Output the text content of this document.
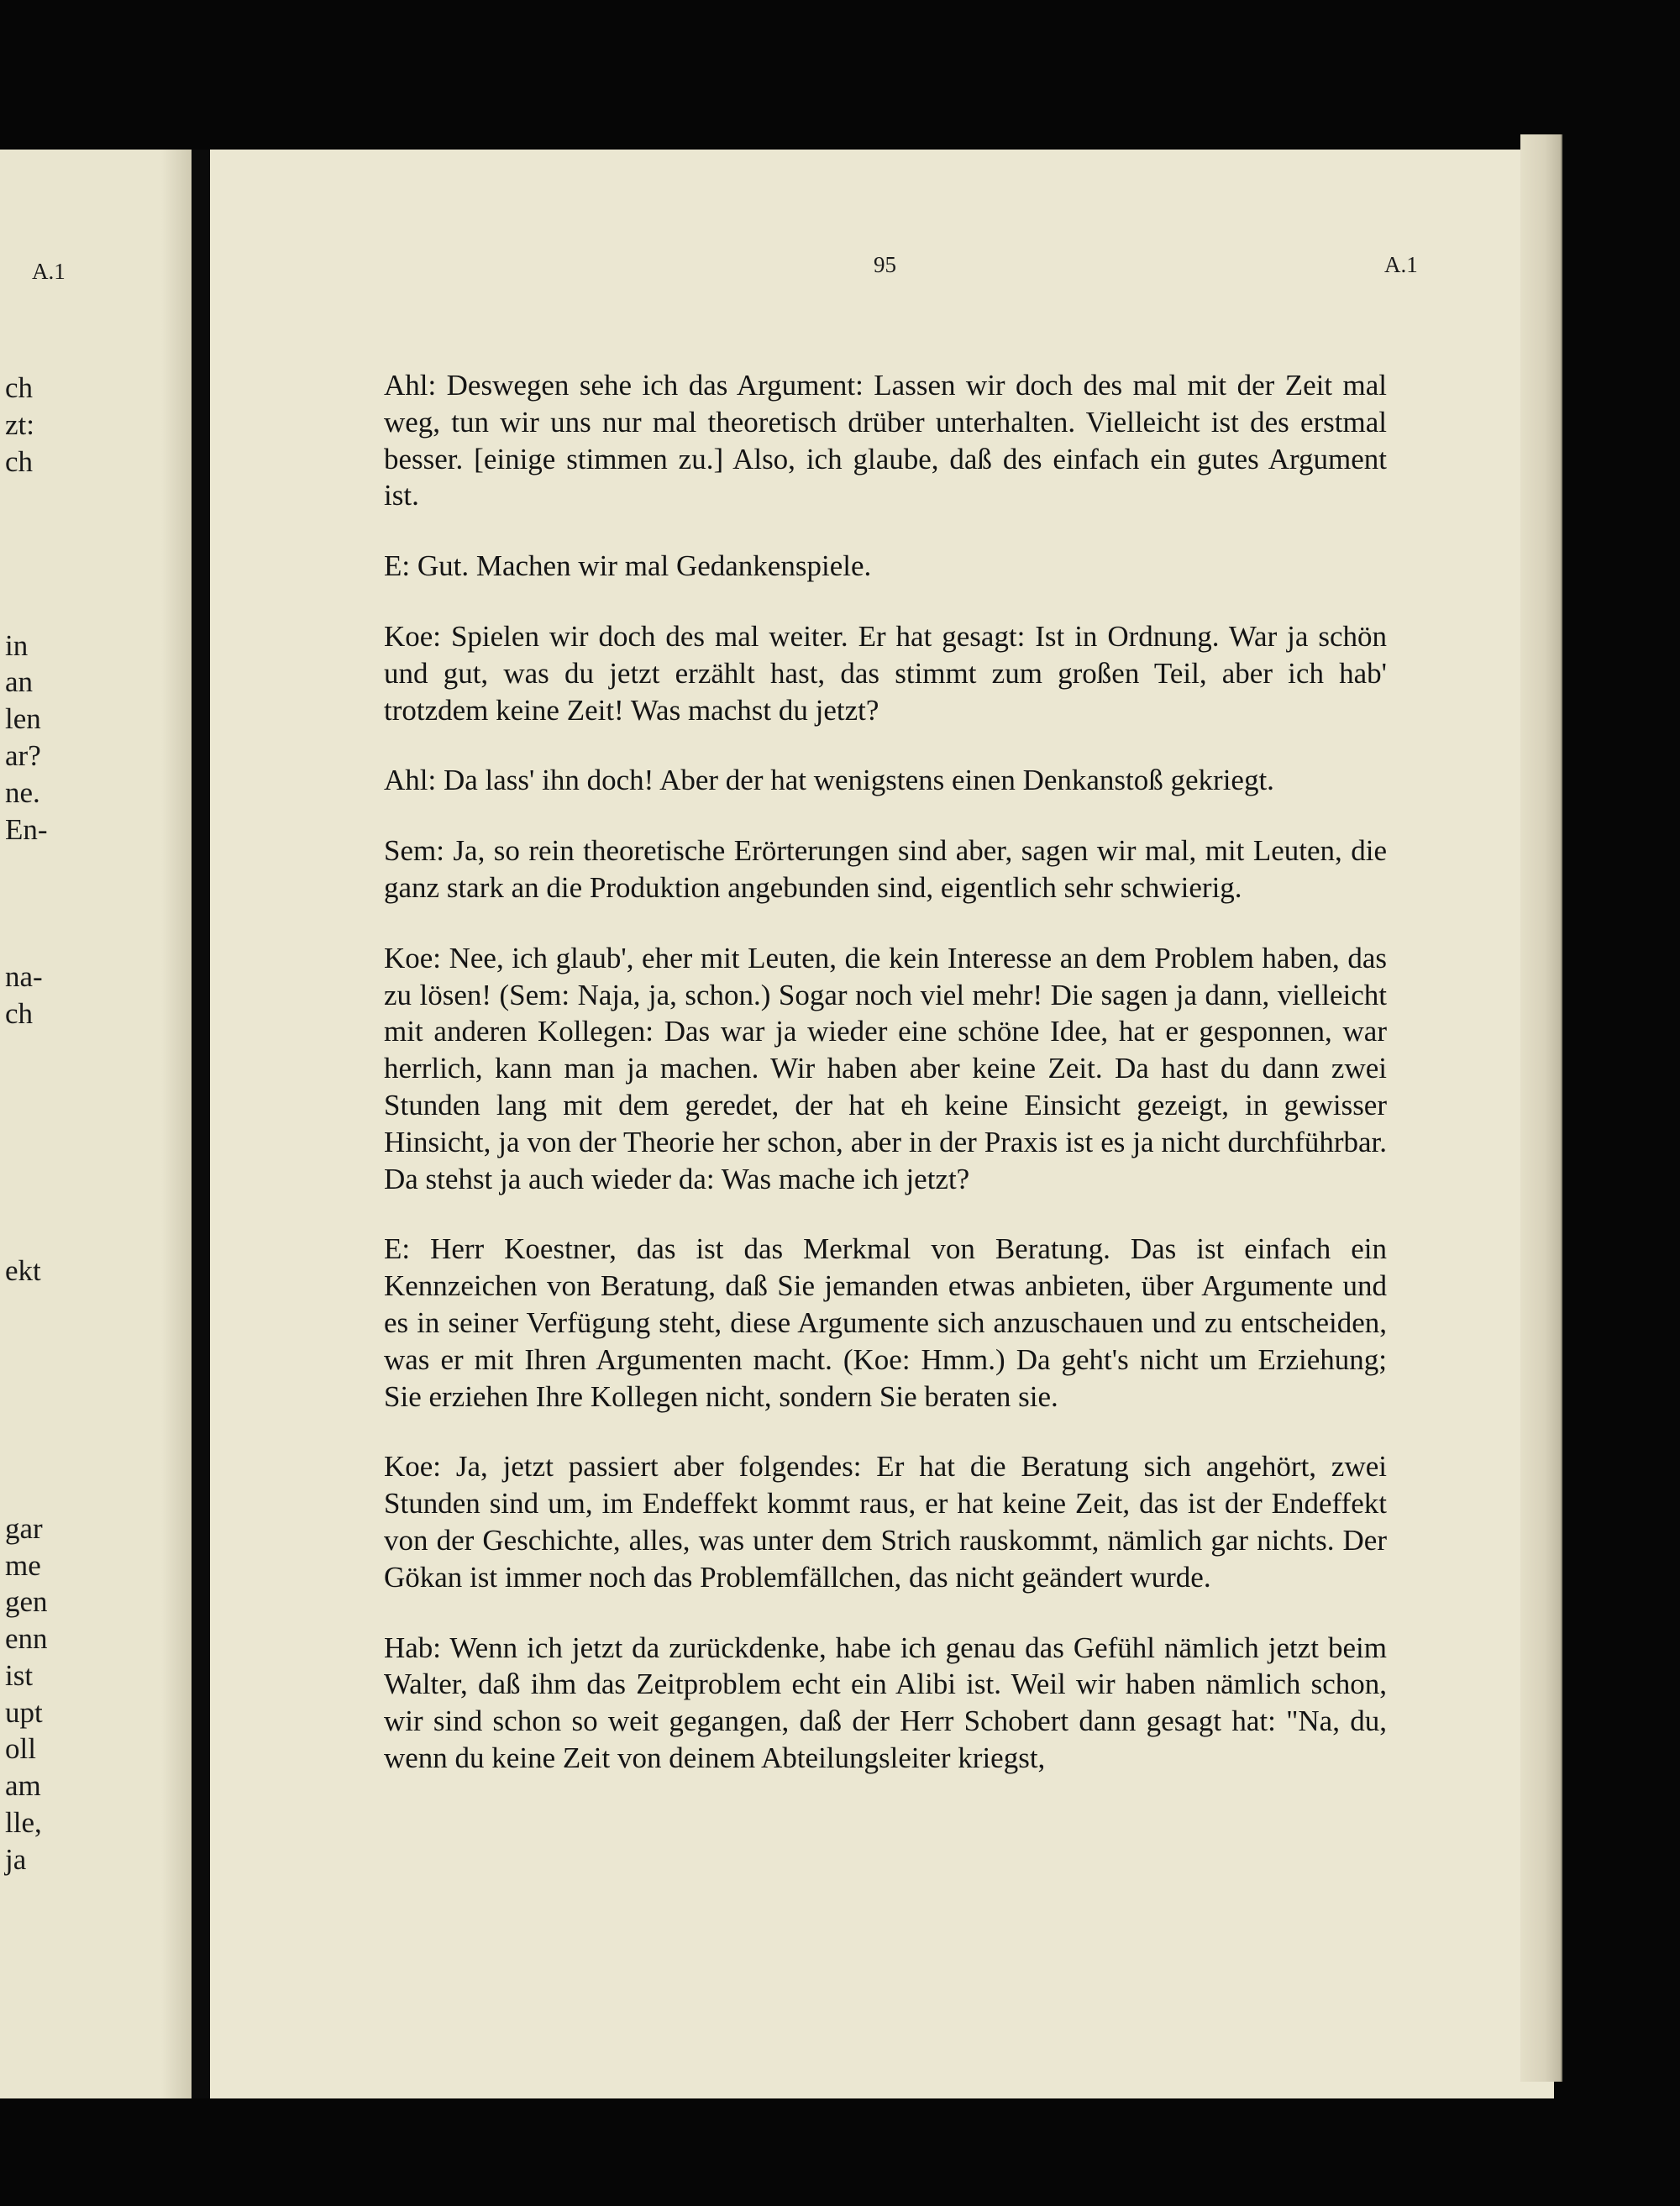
A.1
ch
zt:
ch

in
an
len
ar?
ne.
En-

na-
ch

ekt

gar
me
gen
enn
ist
upt
oll
am
lle,
ja
95	A.1

Ahl: Deswegen sehe ich das Argument: Lassen wir doch des mal mit der Zeit mal weg, tun wir uns nur mal theoretisch drüber unterhalten. Vielleicht ist des erstmal besser. [einige stimmen zu.] Also, ich glaube, daß des einfach ein gutes Argument ist.

E: Gut. Machen wir mal Gedankenspiele.

Koe: Spielen wir doch des mal weiter. Er hat gesagt: Ist in Ordnung. War ja schön und gut, was du jetzt erzählt hast, das stimmt zum großen Teil, aber ich hab' trotzdem keine Zeit! Was machst du jetzt?

Ahl: Da lass' ihn doch! Aber der hat wenigstens einen Denkanstoß gekriegt.

Sem: Ja, so rein theoretische Erörterungen sind aber, sagen wir mal, mit Leuten, die ganz stark an die Produktion angebunden sind, eigentlich sehr schwierig.

Koe: Nee, ich glaub', eher mit Leuten, die kein Interesse an dem Problem haben, das zu lösen! (Sem: Naja, ja, schon.) Sogar noch viel mehr! Die sagen ja dann, vielleicht mit anderen Kollegen: Das war ja wieder eine schöne Idee, hat er gesponnen, war herrlich, kann man ja machen. Wir haben aber keine Zeit. Da hast du dann zwei Stunden lang mit dem geredet, der hat eh keine Einsicht gezeigt, in gewisser Hinsicht, ja von der Theorie her schon, aber in der Praxis ist es ja nicht durchführbar. Da stehst ja auch wieder da: Was mache ich jetzt?

E: Herr Koestner, das ist das Merkmal von Beratung. Das ist einfach ein Kennzeichen von Beratung, daß Sie jemanden etwas anbieten, über Argumente und es in seiner Verfügung steht, diese Argumente sich anzuschauen und zu entscheiden, was er mit Ihren Argumenten macht. (Koe: Hmm.) Da geht's nicht um Erziehung; Sie erziehen Ihre Kollegen nicht, sondern Sie beraten sie.

Koe: Ja, jetzt passiert aber folgendes: Er hat die Beratung sich angehört, zwei Stunden sind um, im Endeffekt kommt raus, er hat keine Zeit, das ist der Endeffekt von der Geschichte, alles, was unter dem Strich rauskommt, nämlich gar nichts. Der Gökan ist immer noch das Problemfällchen, das nicht geändert wurde.

Hab: Wenn ich jetzt da zurückdenke, habe ich genau das Gefühl nämlich jetzt beim Walter, daß ihm das Zeitproblem echt ein Alibi ist. Weil wir haben nämlich schon, wir sind schon so weit gegangen, daß der Herr Schobert dann gesagt hat: "Na, du, wenn du keine Zeit von deinem Abteilungsleiter kriegst,
